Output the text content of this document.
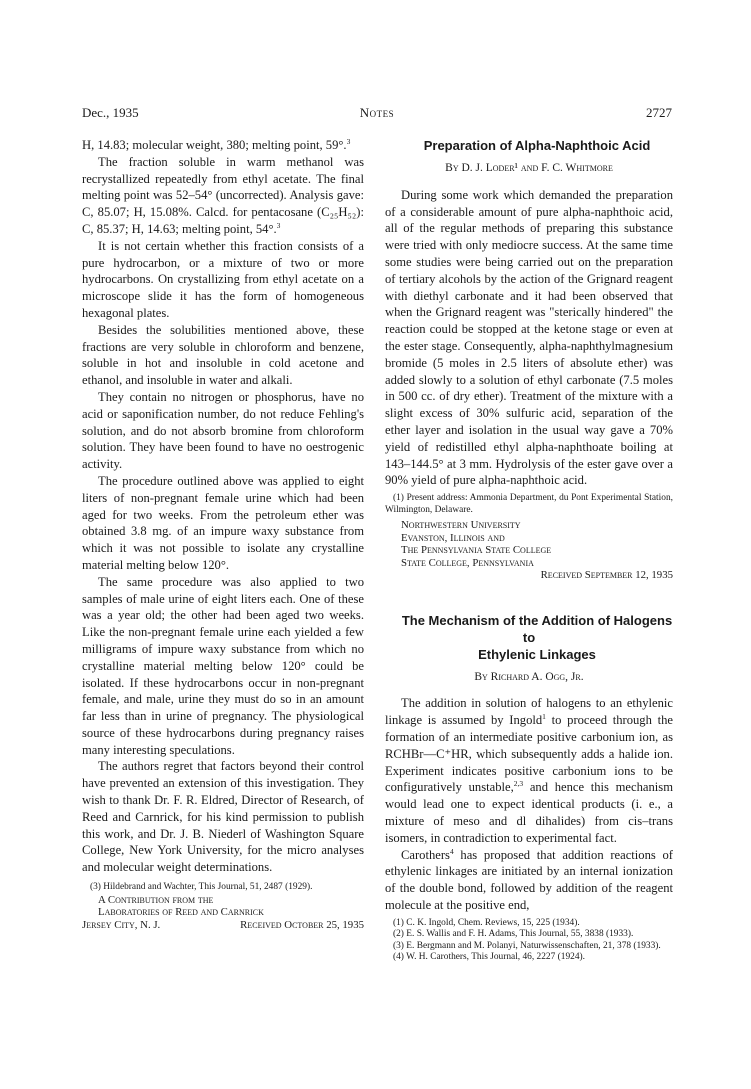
Dec., 1935	Notes	2727

H, 14.83; molecular weight, 380; melting point, 59°.$^3$

The fraction soluble in warm methanol was recrystallized repeatedly from ethyl acetate. The final melting point was 52–54° (uncorrected). Analysis gave: C, 85.07; H, 15.08%. Calcd. for pentacosane (C₂₅H₅₂): C, 85.37; H, 14.63; melting point, 54°.$^3$

It is not certain whether this fraction consists of a pure hydrocarbon, or a mixture of two or more hydrocarbons. On crystallizing from ethyl acetate on a microscope slide it has the form of homogeneous hexagonal plates.

Besides the solubilities mentioned above, these fractions are very soluble in chloroform and benzene, soluble in hot and insoluble in cold acetone and ethanol, and insoluble in water and alkali.

They contain no nitrogen or phosphorus, have no acid or saponification number, do not reduce Fehling's solution, and do not absorb bromine from chloroform solution. They have been found to have no oestrogenic activity.

The procedure outlined above was applied to eight liters of non-pregnant female urine which had been aged for two weeks. From the petroleum ether was obtained 3.8 mg. of an impure waxy substance from which it was not possible to isolate any crystalline material melting below 120°.

The same procedure was also applied to two samples of male urine of eight liters each. One of these was a year old; the other had been aged two weeks. Like the non-pregnant female urine each yielded a few milligrams of impure waxy substance from which no crystalline material melting below 120° could be isolated. If these hydrocarbons occur in non-pregnant female, and male, urine they must do so in an amount far less than in urine of pregnancy. The physiological source of these hydrocarbons during pregnancy raises many interesting speculations.

The authors regret that factors beyond their control have prevented an extension of this investigation. They wish to thank Dr. F. R. Eldred, Director of Research, of Reed and Carnrick, for his kind permission to publish this work, and Dr. J. B. Niederl of Washington Square College, New York University, for the micro analyses and molecular weight determinations.

(3) Hildebrand and Wachter, This Journal, 51, 2487 (1929).

A Contribution from the

Laboratories of Reed and Carnrick

Jersey City, N. J.	Received October 25, 1935

Preparation of Alpha-Naphthoic Acid

By D. J. Loder¹ and F. C. Whitmore

During some work which demanded the preparation of a considerable amount of pure alpha-naphthoic acid, all of the regular methods of preparing this substance were tried with only mediocre success. At the same time some studies were being carried out on the preparation of tertiary alcohols by the action of the Grignard reagent with diethyl carbonate and it had been observed that when the Grignard reagent was "sterically hindered" the reaction could be stopped at the ketone stage or even at the ester stage. Consequently, alpha-naphthylmagnesium bromide (5 moles in 2.5 liters of absolute ether) was added slowly to a solution of ethyl carbonate (7.5 moles in 500 cc. of dry ether). Treatment of the mixture with a slight excess of 30% sulfuric acid, separation of the ether layer and isolation in the usual way gave a 70% yield of redistilled ethyl alpha-naphthoate boiling at 143–144.5° at 3 mm. Hydrolysis of the ester gave over a 90% yield of pure alpha-naphthoic acid.

(1) Present address: Ammonia Department, du Pont Experimental Station, Wilmington, Delaware.

Northwestern University

Evanston, Illinois and

The Pennsylvania State College

State College, Pennsylvania

Received September 12, 1935

The Mechanism of the Addition of Halogens to

Ethylenic Linkages

By Richard A. Ogg, Jr.

The addition in solution of halogens to an ethylenic linkage is assumed by Ingold$^1$ to proceed through the formation of an intermediate positive carbonium ion, as RCHBr—C⁺HR, which subsequently adds a halide ion. Experiment indicates positive carbonium ions to be configuratively unstable,$^{2,3}$ and hence this mechanism would lead one to expect identical products (i. e., a mixture of meso and dl dihalides) from cis–trans isomers, in contradiction to experimental fact.

Carothers$^4$ has proposed that addition reactions of ethylenic linkages are initiated by an internal ionization of the double bond, followed by addition of the reagent molecule at the positive end,

(1) C. K. Ingold, Chem. Reviews, 15, 225 (1934).

(2) E. S. Wallis and F. H. Adams, This Journal, 55, 3838 (1933).

(3) E. Bergmann and M. Polanyi, Naturwissenschaften, 21, 378 (1933).

(4) W. H. Carothers, This Journal, 46, 2227 (1924).
